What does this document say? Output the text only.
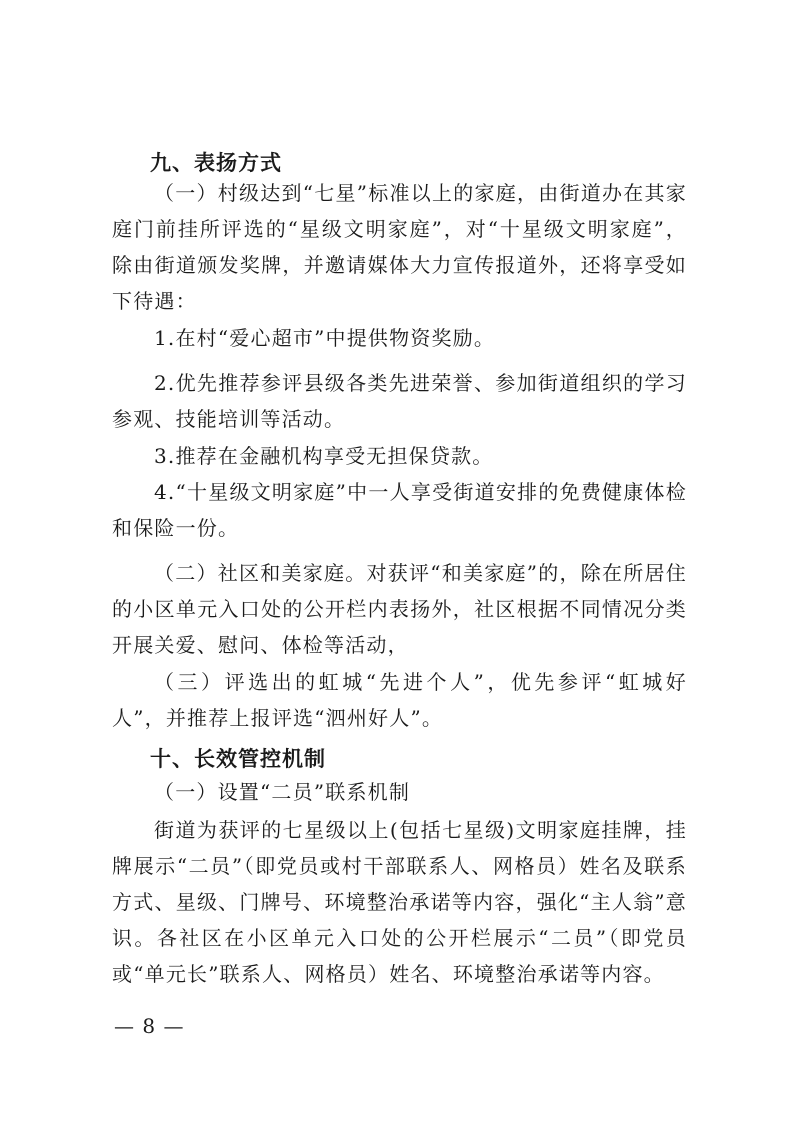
九、表扬方式

（一）村级达到“七星”标准以上的家庭，由街道办在其家庭门前挂所评选的“星级文明家庭”，对“十星级文明家庭”，除由街道颁发奖牌，并邀请媒体大力宣传报道外，还将享受如下待遇：

1.在村“爱心超市”中提供物资奖励。

2.优先推荐参评县级各类先进荣誉、参加街道组织的学习参观、技能培训等活动。

3.推荐在金融机构享受无担保贷款。

4.“十星级文明家庭”中一人享受街道安排的免费健康体检和保险一份。

（二）社区和美家庭。对获评“和美家庭”的，除在所居住的小区单元入口处的公开栏内表扬外，社区根据不同情况分类开展关爱、慰问、体检等活动，

（三）评选出的虹城“先进个人”，优先参评“虹城好人”，并推荐上报评选“泗州好人”。

十、长效管控机制

（一）设置“二员”联系机制

街道为获评的七星级以上(包括七星级)文明家庭挂牌，挂牌展示“二员”（即党员或村干部联系人、网格员）姓名及联系方式、星级、门牌号、环境整治承诺等内容，强化“主人翁”意识。各社区在小区单元入口处的公开栏展示“二员”（即党员或“单元长”联系人、网格员）姓名、环境整治承诺等内容。

— 8 —
